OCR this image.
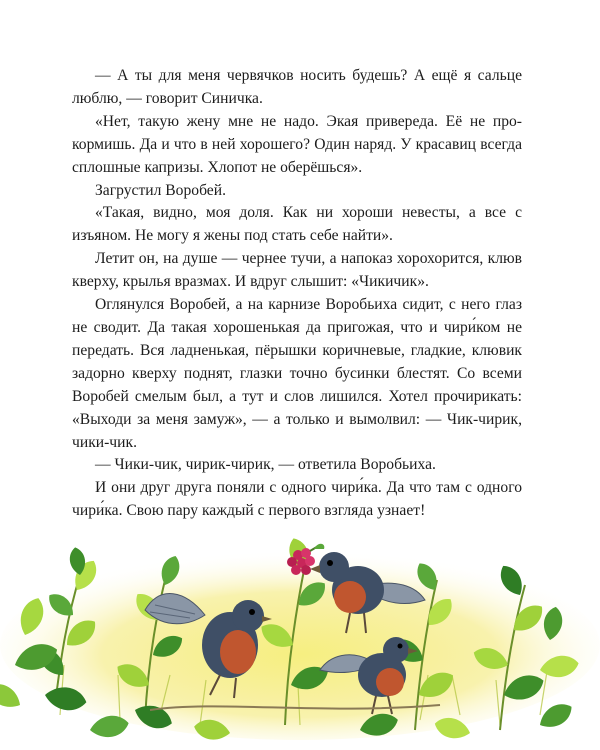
— А ты для меня червячков носить будешь? А ещё я сальце люблю, — говорит Синичка.

«Нет, такую жену мне не надо. Экая привереда. Её не прокормишь. Да и что в ней хорошего? Один наряд. У красавиц всегда сплошные капризы. Хлопот не оберёшься».

Загрустил Воробей.

«Такая, видно, моя доля. Как ни хороши невесты, а все с изъяном. Не могу я жены под стать себе найти».

Летит он, на душе — чернее тучи, а напоказ хорохорится, клюв кверху, крылья вразмах. И вдруг слышит: «Чикичик».

Оглянулся Воробей, а на карнизе Воробьиха сидит, с него глаз не сводит. Да такая хорошенькая да пригожая, что и чири́ком не передать. Вся ладненькая, пёрышки коричневые, гладкие, клювик задорно кверху поднят, глазки точно бусинки блестят. Со всеми Воробей смелым был, а тут и слов лишился. Хотел прочирикать: «Выходи за меня замуж», — а только и вымолвил: — Чик-чирик, чики-чик.

— Чики-чик, чирик-чирик, — ответила Воробьиха.

И они друг друга поняли с одного чири́ка. Да что там с одного чири́ка. Свою пару каждый с первого взгляда узнает!
